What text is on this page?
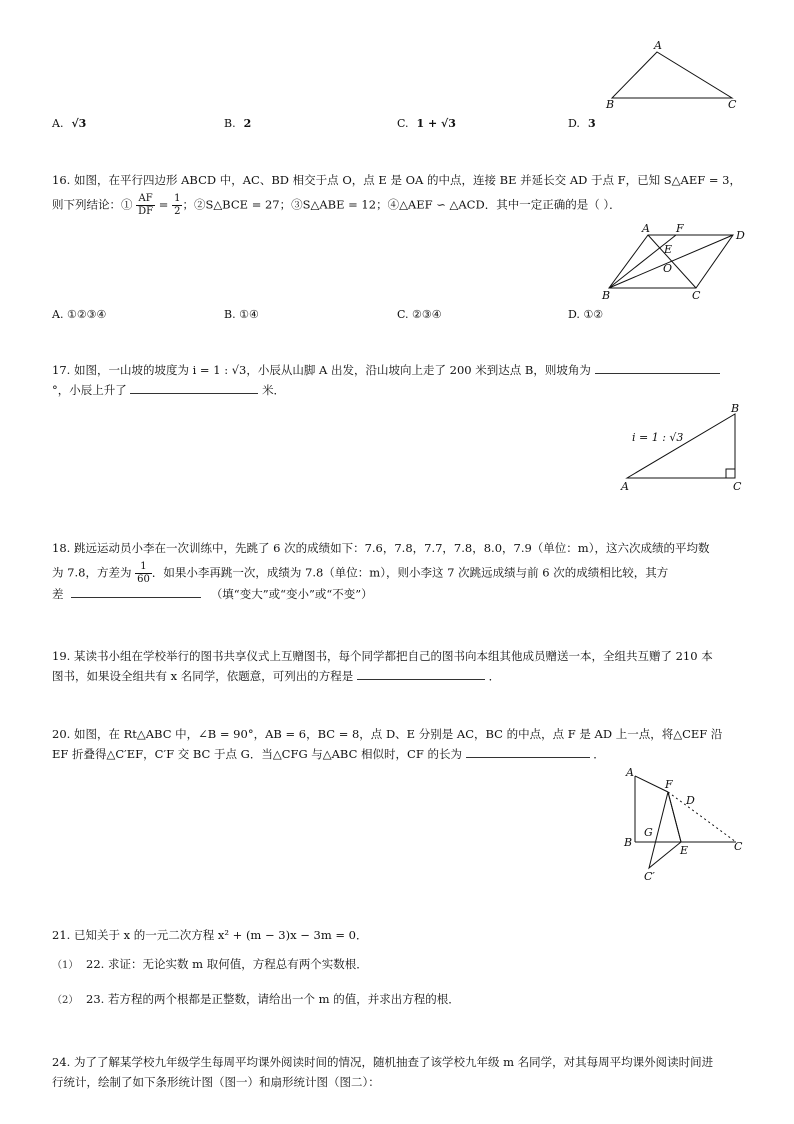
A
B	C
A. √3	B. 2	C. 1 + √3	D. 3
16. 如图，在平行四边形 ABCD 中，AC、BD 相交于点 O，点 E 是 OA 的中点，连接 BE 并延长交 AD 于点 F，已知 S△AEF = 3，
则下列结论：① $\frac{AF}{DF} = \frac{1}{2}$ ；②S△BCE = 27；③S△ABE = 12；④△AEF ∽ △ACD．其中一定正确的是（ ）．
A F
D
E
O
B	C
A. ①②③④	B. ①④	C. ②③④	D. ①②
17. 如图，一山坡的坡度为 i = 1 : √3，小辰从山脚 A 出发，沿山坡向上走了 200 米到达点 B，则坡角为
°，小辰上升了	米．
i = 1 : √3
B
A	C
18. 跳远运动员小李在一次训练中，先跳了 6 次的成绩如下：7.6，7.8，7.7，7.8，8.0，7.9（单位：m），这六次成绩的平均数
为 7.8，方差为 $\frac{1}{60}$ ．如果小李再跳一次，成绩为 7.8（单位：m），则小李这 7 次跳远成绩与前 6 次的成绩相比较，其方
差	（填“变大”或“变小”或“不变”）
19. 某读书小组在学校举行的图书共享仪式上互赠图书，每个同学都把自己的图书向本组其他成员赠送一本，全组共互赠了 210 本
图书，如果设全组共有 x 名同学，依题意，可列出的方程是	．
20. 如图，在 Rt△ABC 中，∠B = 90°，AB = 6，BC = 8，点 D、E 分别是 AC，BC 的中点，点 F 是 AD 上一点，将△CEF 沿
EF 折叠得△C′EF，C′F 交 BC 于点 G．当△CFG 与△ABC 相似时，CF 的长为	．
A
F
D
G
B
E	C
C′
21. 已知关于 x 的一元二次方程 x² + (m − 3)x − 3m = 0．
（1） 22. 求证：无论实数 m 取何值，方程总有两个实数根．
（2） 23. 若方程的两个根都是正整数，请给出一个 m 的值，并求出方程的根．
24. 为了了解某学校九年级学生每周平均课外阅读时间的情况，随机抽查了该学校九年级 m 名同学，对其每周平均课外阅读时间进
行统计，绘制了如下条形统计图（图一）和扇形统计图（图二）：
